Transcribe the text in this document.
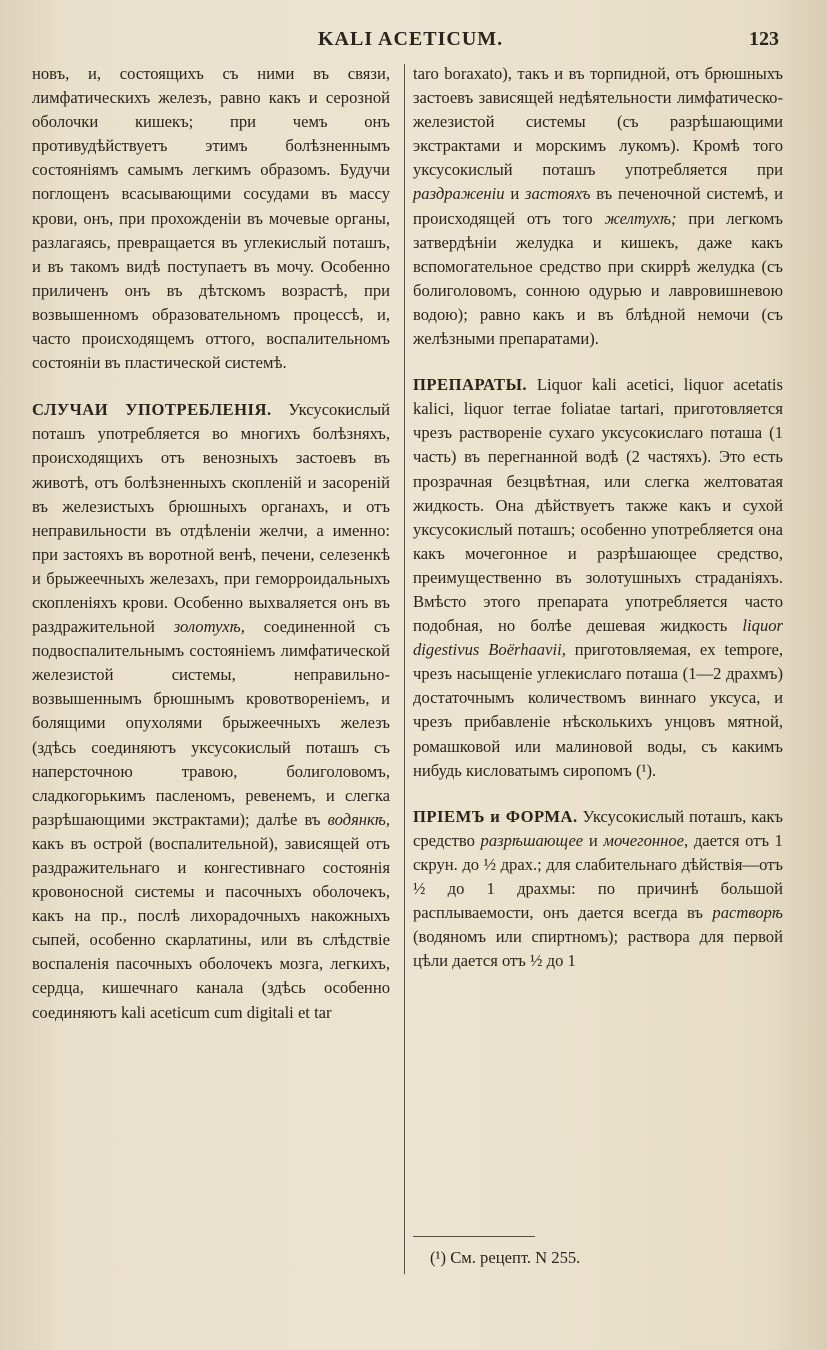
KALI ACETICUM.	123

новъ, и, состоящихъ съ ними въ связи, лимфатическихъ железъ, равно какъ и серозной оболочки кишекъ; при чемъ онъ противудѣйствуетъ этимъ болѣзненнымъ состояніямъ самымъ легкимъ образомъ. Будучи поглощенъ всасывающими сосудами въ массу крови, онъ, при прохожденіи въ мочевые органы, разлагаясь, превращается въ углекислый поташъ, и въ такомъ видѣ поступаетъ въ мочу. Особенно приличенъ онъ въ дѣтскомъ возрастѣ, при возвышенномъ образовательномъ процессѣ, и, часто происходящемъ оттого, воспалительномъ состояніи въ пластической системѣ.

СЛУЧАИ УПОТРЕБЛЕНІЯ. Уксусокислый поташъ употребляется во многихъ болѣзняхъ, происходящихъ отъ венозныхъ застоевъ въ животѣ, отъ болѣзненныхъ скопленій и засореній въ железистыхъ брюшныхъ органахъ, и отъ неправильности въ отдѣленіи желчи, а именно: при застояхъ въ воротной венѣ, печени, селезенкѣ и брыжеечныхъ железахъ, при геморроидальныхъ скопленіяхъ крови. Особенно выхваляется онъ въ раздражительной золотухѣ, соединенной съ подвоспалительнымъ состояніемъ лимфатической железистой системы, неправильно-возвышеннымъ брюшнымъ кровотвореніемъ, и болящими опухолями брыжеечныхъ железъ (здѣсь соединяютъ уксусокислый поташъ съ наперсточною травою, болиголовомъ, сладкогорькимъ пасленомъ, ревенемъ, и слегка разрѣшающими экстрактами); далѣе въ водянкѣ, какъ въ острой (воспалительной), зависящей отъ раздражительнаго и конгестивнаго состоянія кровоносной системы и пасочныхъ оболочекъ, какъ на пр., послѣ лихорадочныхъ накожныхъ сыпей, особенно скарлатины, или въ слѣдствіе воспаленія пасочныхъ оболочекъ мозга, легкихъ, сердца, кишечнаго канала (здѣсь особенно соединяютъ kali aceticum cum digitali et tar

taro boraxato), такъ и въ торпидной, отъ брюшныхъ застоевъ зависящей недѣятельности лимфатическо-железистой системы (съ разрѣшающими экстрактами и морскимъ лукомъ). Кромѣ того уксусокислый поташъ употребляется при раздраженіи и застояхъ въ печеночной системѣ, и происходящей отъ того желтухѣ; при легкомъ затвердѣніи желудка и кишекъ, даже какъ вспомогательное средство при скиррѣ желудка (съ болиголовомъ, сонною одурью и лавровишневою водою); равно какъ и въ блѣдной немочи (съ желѣзными препаратами).

ПРЕПАРАТЫ. Liquor kali acetici, liquor acetatis kalici, liquor terrae foliatae tartari, приготовляется чрезъ раствореніе сухаго уксусокислаго поташа (1 часть) въ перегнанной водѣ (2 частяхъ). Это есть прозрачная безцвѣтная, или слегка желтоватая жидкость. Она дѣйствуетъ также какъ и сухой уксусокислый поташъ; особенно употребляется она какъ мочегонное и разрѣшающее средство, преимущественно въ золотушныхъ страданіяхъ. Вмѣсто этого препарата употребляется часто подобная, но болѣе дешевая жидкость liquor digestivus Boërhaavii, приготовляемая, ex tempore, чрезъ насыщеніе углекислаго поташа (1—2 драхмъ) достаточнымъ количествомъ виннаго уксуса, и чрезъ прибавленіе нѣсколькихъ унцовъ мятной, ромашковой или малиновой воды, съ какимъ нибудь кисловатымъ сиропомъ (¹).

ПРІЕМЪ и ФОРМА. Уксусокислый поташъ, какъ средство разрѣшающее и мочегонное, дается отъ 1 скрун. до ½ драх.; для слабительнаго дѣйствія—отъ ½ до 1 драхмы: по причинѣ большой расплываемости, онъ дается всегда въ растворѣ (водяномъ или спиртномъ); раствора для первой цѣли дается отъ ½ до 1

(¹) См. рецепт. N 255.
